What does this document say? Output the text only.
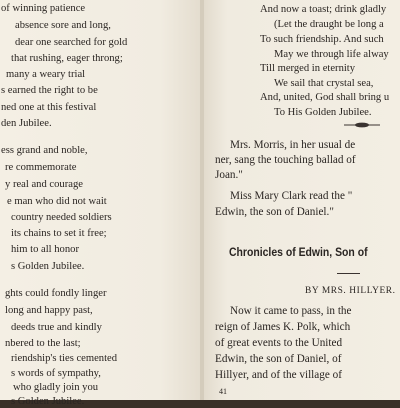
of winning patience
absence sore and long,
dear one searched for gold
that rushing, eager throng;
many a weary trial
s earned the right to be
ned one at this festival
den Jubilee.
ess grand and noble,
re commemorate
y real and courage
e man who did not wait
country needed soldiers
its chains to set it free;
him to all honor
s Golden Jubilee.
ghts could fondly linger
long and happy past,
deeds true and kindly
nbered to the last;
riendship's ties cemented
s words of sympathy,
who gladly join you
s Golden Jubilee.
And now a toast; drink gladly
(Let the draught be long a
To such friendship. And such
May we through life alway
Till merged in eternity
We sail that crystal sea,
And, united, God shall bring u
To His Golden Jubilee.
Mrs. Morris, in her usual de
ner, sang the touching ballad of
Joan."
Miss Mary Clark read the "
Edwin, the son of Daniel."
Chronicles of Edwin, Son of
BY MRS. HILLYER.
Now it came to pass, in the
reign of James K. Polk, which
of great events to the United
Edwin, the son of Daniel, of
Hillyer, and of the village of
41
